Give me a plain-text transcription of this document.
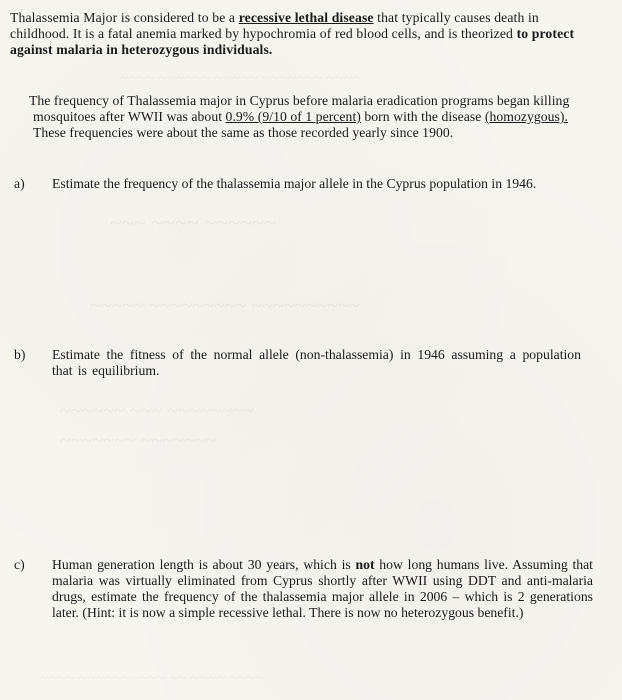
~~~~ ~~~~~~ ~~~~~ ~~~~~~~ ~~~~
~~~ ~~~~ ~~~~~~
~~~~~ ~~~~~~~~~ ~~~~~~~~~~
~~~~~~ ~~~ ~~~~~~~~
~~~~~~~ ~~~~~~~
~~~~ ~~~~~~~~~~ ~~ ~~~~ ~~~~
Thalassemia Major is considered to be a recessive lethal disease that typically causes death in childhood. It is a fatal anemia marked by hypochromia of red blood cells, and is theorized to protect against malaria in heterozygous individuals.
The frequency of Thalassemia major in Cyprus before malaria eradication programs began killing mosquitoes after WWII was about 0.9% (9/10 of 1 percent) born with the disease (homozygous). These frequencies were about the same as those recorded yearly since 1900.
a) Estimate the frequency of the thalassemia major allele in the Cyprus population in 1946.
b) Estimate the fitness of the normal allele (non-thalassemia) in 1946 assuming a population that is equilibrium.
c) Human generation length is about 30 years, which is not how long humans live. Assuming that malaria was virtually eliminated from Cyprus shortly after WWII using DDT and anti-malaria drugs, estimate the frequency of the thalassemia major allele in 2006 – which is 2 generations later. (Hint: it is now a simple recessive lethal. There is now no heterozygous benefit.)
